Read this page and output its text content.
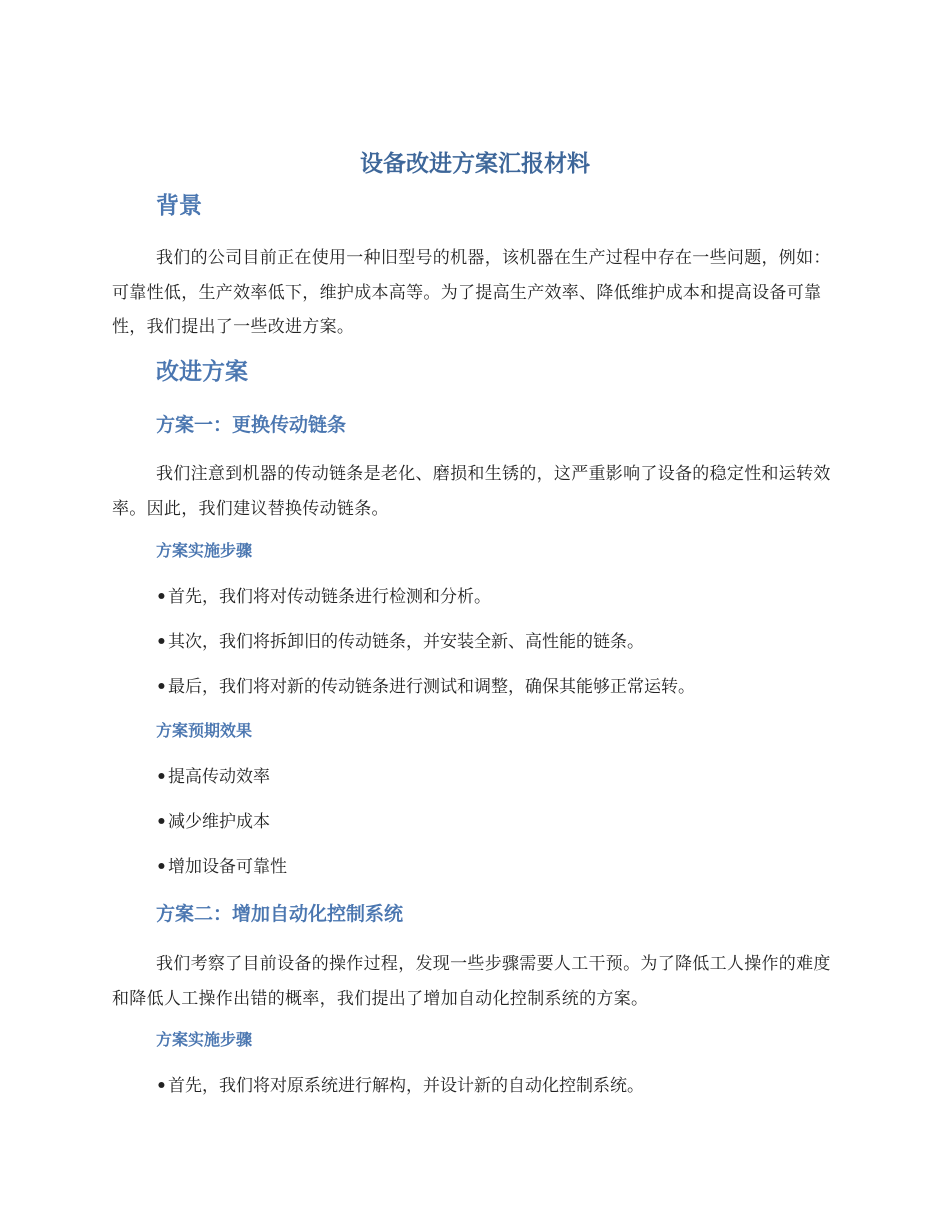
设备改进方案汇报材料
背景

我们的公司目前正在使用一种旧型号的机器，该机器在生产过程中存在一些问题，例如：可靠性低，生产效率低下，维护成本高等。为了提高生产效率、降低维护成本和提高设备可靠性，我们提出了一些改进方案。

改进方案
方案一：更换传动链条

我们注意到机器的传动链条是老化、磨损和生锈的，这严重影响了设备的稳定性和运转效率。因此，我们建议替换传动链条。

方案实施步骤
•首先，我们将对传动链条进行检测和分析。
•其次，我们将拆卸旧的传动链条，并安装全新、高性能的链条。
•最后，我们将对新的传动链条进行测试和调整，确保其能够正常运转。
方案预期效果
•提高传动效率
•减少维护成本
•增加设备可靠性
方案二：增加自动化控制系统

我们考察了目前设备的操作过程，发现一些步骤需要人工干预。为了降低工人操作的难度和降低人工操作出错的概率，我们提出了增加自动化控制系统的方案。

方案实施步骤
•首先，我们将对原系统进行解构，并设计新的自动化控制系统。
